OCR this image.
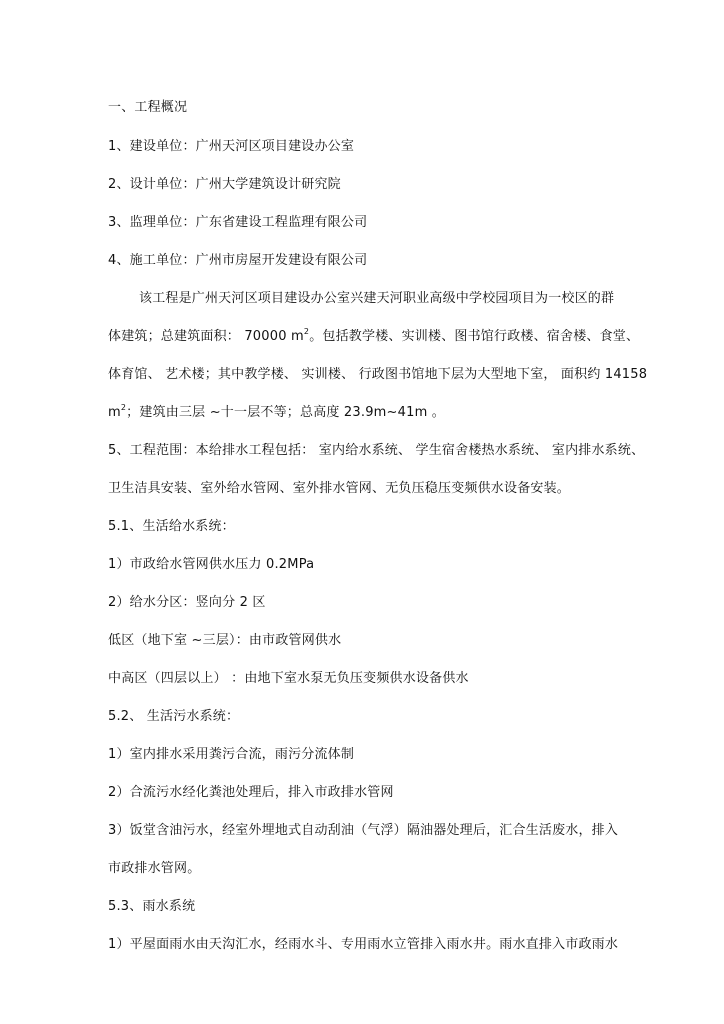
一、工程概况
1、建设单位：广州天河区项目建设办公室
2、设计单位：广州大学建筑设计研究院
3、监理单位：广东省建设工程监理有限公司
4、施工单位：广州市房屋开发建设有限公司
该工程是广州天河区项目建设办公室兴建天河职业高级中学校园项目为一校区的群
体建筑；总建筑面积： 70000 $m^2$。包括教学楼、实训楼、图书馆行政楼、宿舍楼、食堂、
体育馆、 艺术楼；其中教学楼、 实训楼、 行政图书馆地下层为大型地下室， 面积约 14158
$m^2$；建筑由三层 ~十一层不等；总高度 23.9m~41m 。
5、工程范围：本给排水工程包括： 室内给水系统、 学生宿舍楼热水系统、 室内排水系统、
卫生洁具安装、室外给水管网、室外排水管网、无负压稳压变频供水设备安装。
5.1、生活给水系统：
1）市政给水管网供水压力 0.2MPa
2）给水分区：竖向分 2 区
低区（地下室 ~三层）：由市政管网供水
中高区（四层以上） ：由地下室水泵无负压变频供水设备供水
5.2、 生活污水系统：
1）室内排水采用粪污合流，雨污分流体制
2）合流污水经化粪池处理后，排入市政排水管网
3）饭堂含油污水，经室外埋地式自动刮油（气浮）隔油器处理后，汇合生活废水，排入
市政排水管网。
5.3、雨水系统
1）平屋面雨水由天沟汇水，经雨水斗、专用雨水立管排入雨水井。雨水直排入市政雨水
